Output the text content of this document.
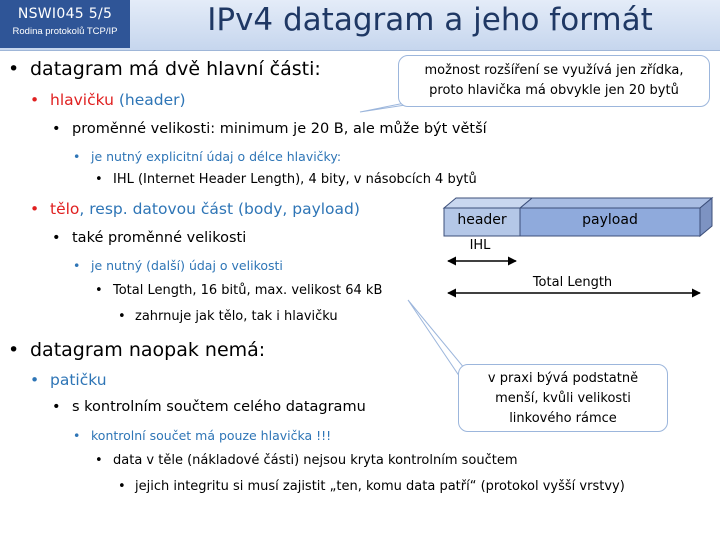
NSWI045 5/5
Rodina protokolů TCP/IP	IPv4 datagram a jeho formát
header	payload
IHL
Total Length
možnost rozšíření se využívá jen zřídka,
proto hlavička má obvykle jen 20 bytů
v praxi bývá podstatně
menší, kvůli velikosti
linkového rámce
• datagram má dvě hlavní části:
• hlavičku (header)
• proměnné velikosti: minimum je 20 B, ale může být větší
• je nutný explicitní údaj o délce hlavičky:
• IHL (Internet Header Length), 4 bity, v násobcích 4 bytů
• tělo, resp. datovou část (body, payload)
• také proměnné velikosti
• je nutný (další) údaj o velikosti
• Total Length, 16 bitů, max. velikost 64 kB
• zahrnuje jak tělo, tak i hlavičku
• datagram naopak nemá:
• patičku
• s kontrolním součtem celého datagramu
• kontrolní součet má pouze hlavička !!!
• data v těle (nákladové části) nejsou kryta kontrolním součtem
• jejich integritu si musí zajistit „ten, komu data patří“ (protokol vyšší vrstvy)
